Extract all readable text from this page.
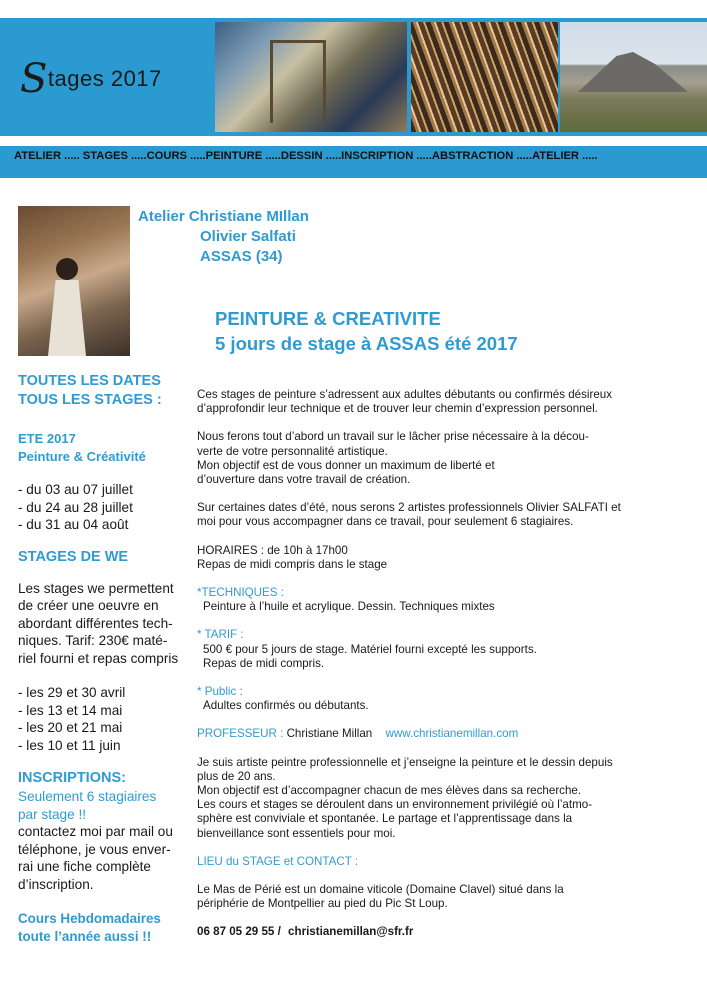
Stages 2017
ATELIER ..... STAGES .....COURS .....PEINTURE .....DESSIN .....INSCRIPTION .....ABSTRACTION .....ATELIER .....
Atelier Christiane MIllan
Olivier Salfati
ASSAS (34)
PEINTURE & CREATIVITE
5 jours de stage à ASSAS été 2017
TOUTES LES DATES
TOUS LES STAGES :
ETE 2017
Peinture & Créativité
- du 03 au 07 juillet
- du 24 au 28 juillet
- du 31 au 04 août
STAGES DE WE
Les stages we permettent
de créer une oeuvre en
abordant différentes tech-
niques. Tarif: 230€ maté-
riel fourni et repas compris
- les 29 et 30 avril
- les 13 et 14 mai
- les 20 et 21 mai
- les 10 et 11 juin
INSCRIPTIONS:
Seulement 6 stagiaires
par stage !!
contactez moi par mail ou
téléphone, je vous enver-
rai une fiche complète
d’inscription.
Cours Hebdomadaires
toute l’année aussi !!
Ces stages de peinture s’adressent aux adultes débutants ou confirmés désireux
d’approfondir leur technique et de trouver leur chemin d’expression personnel.
Nous ferons tout d’abord un travail sur le lâcher prise nécessaire à la décou-
verte de votre personnalité artistique.
Mon objectif est de vous donner un maximum de liberté et
d’ouverture dans votre travail de création.
Sur certaines dates d’été, nous serons 2 artistes professionnels Olivier SALFATI et
moi pour vous accompagner dans ce travail, pour seulement 6 stagiaires.
HORAIRES : de 10h à 17h00
Repas de midi compris dans le stage
*TECHNIQUES :
Peinture à l’huile et acrylique. Dessin. Techniques mixtes
* TARIF :
500 € pour 5 jours de stage. Matériel fourni excepté les supports.
Repas de midi compris.
* Public :
Adultes confirmés ou débutants.
PROFESSEUR : Christiane Millan www.christianemillan.com
Je suis artiste peintre professionnelle et j’enseigne la peinture et le dessin depuis
plus de 20 ans.
Mon objectif est d’accompagner chacun de mes élèves dans sa recherche.
Les cours et stages se déroulent dans un environnement privilégié où l’atmo-
sphère est conviviale et spontanée. Le partage et l’apprentissage dans la
bienveillance sont essentiels pour moi.
LIEU du STAGE et CONTACT :
Le Mas de Périé est un domaine viticole (Domaine Clavel) situé dans la
périphérie de Montpellier au pied du Pic St Loup.
06 87 05 29 55 / christianemillan@sfr.fr
